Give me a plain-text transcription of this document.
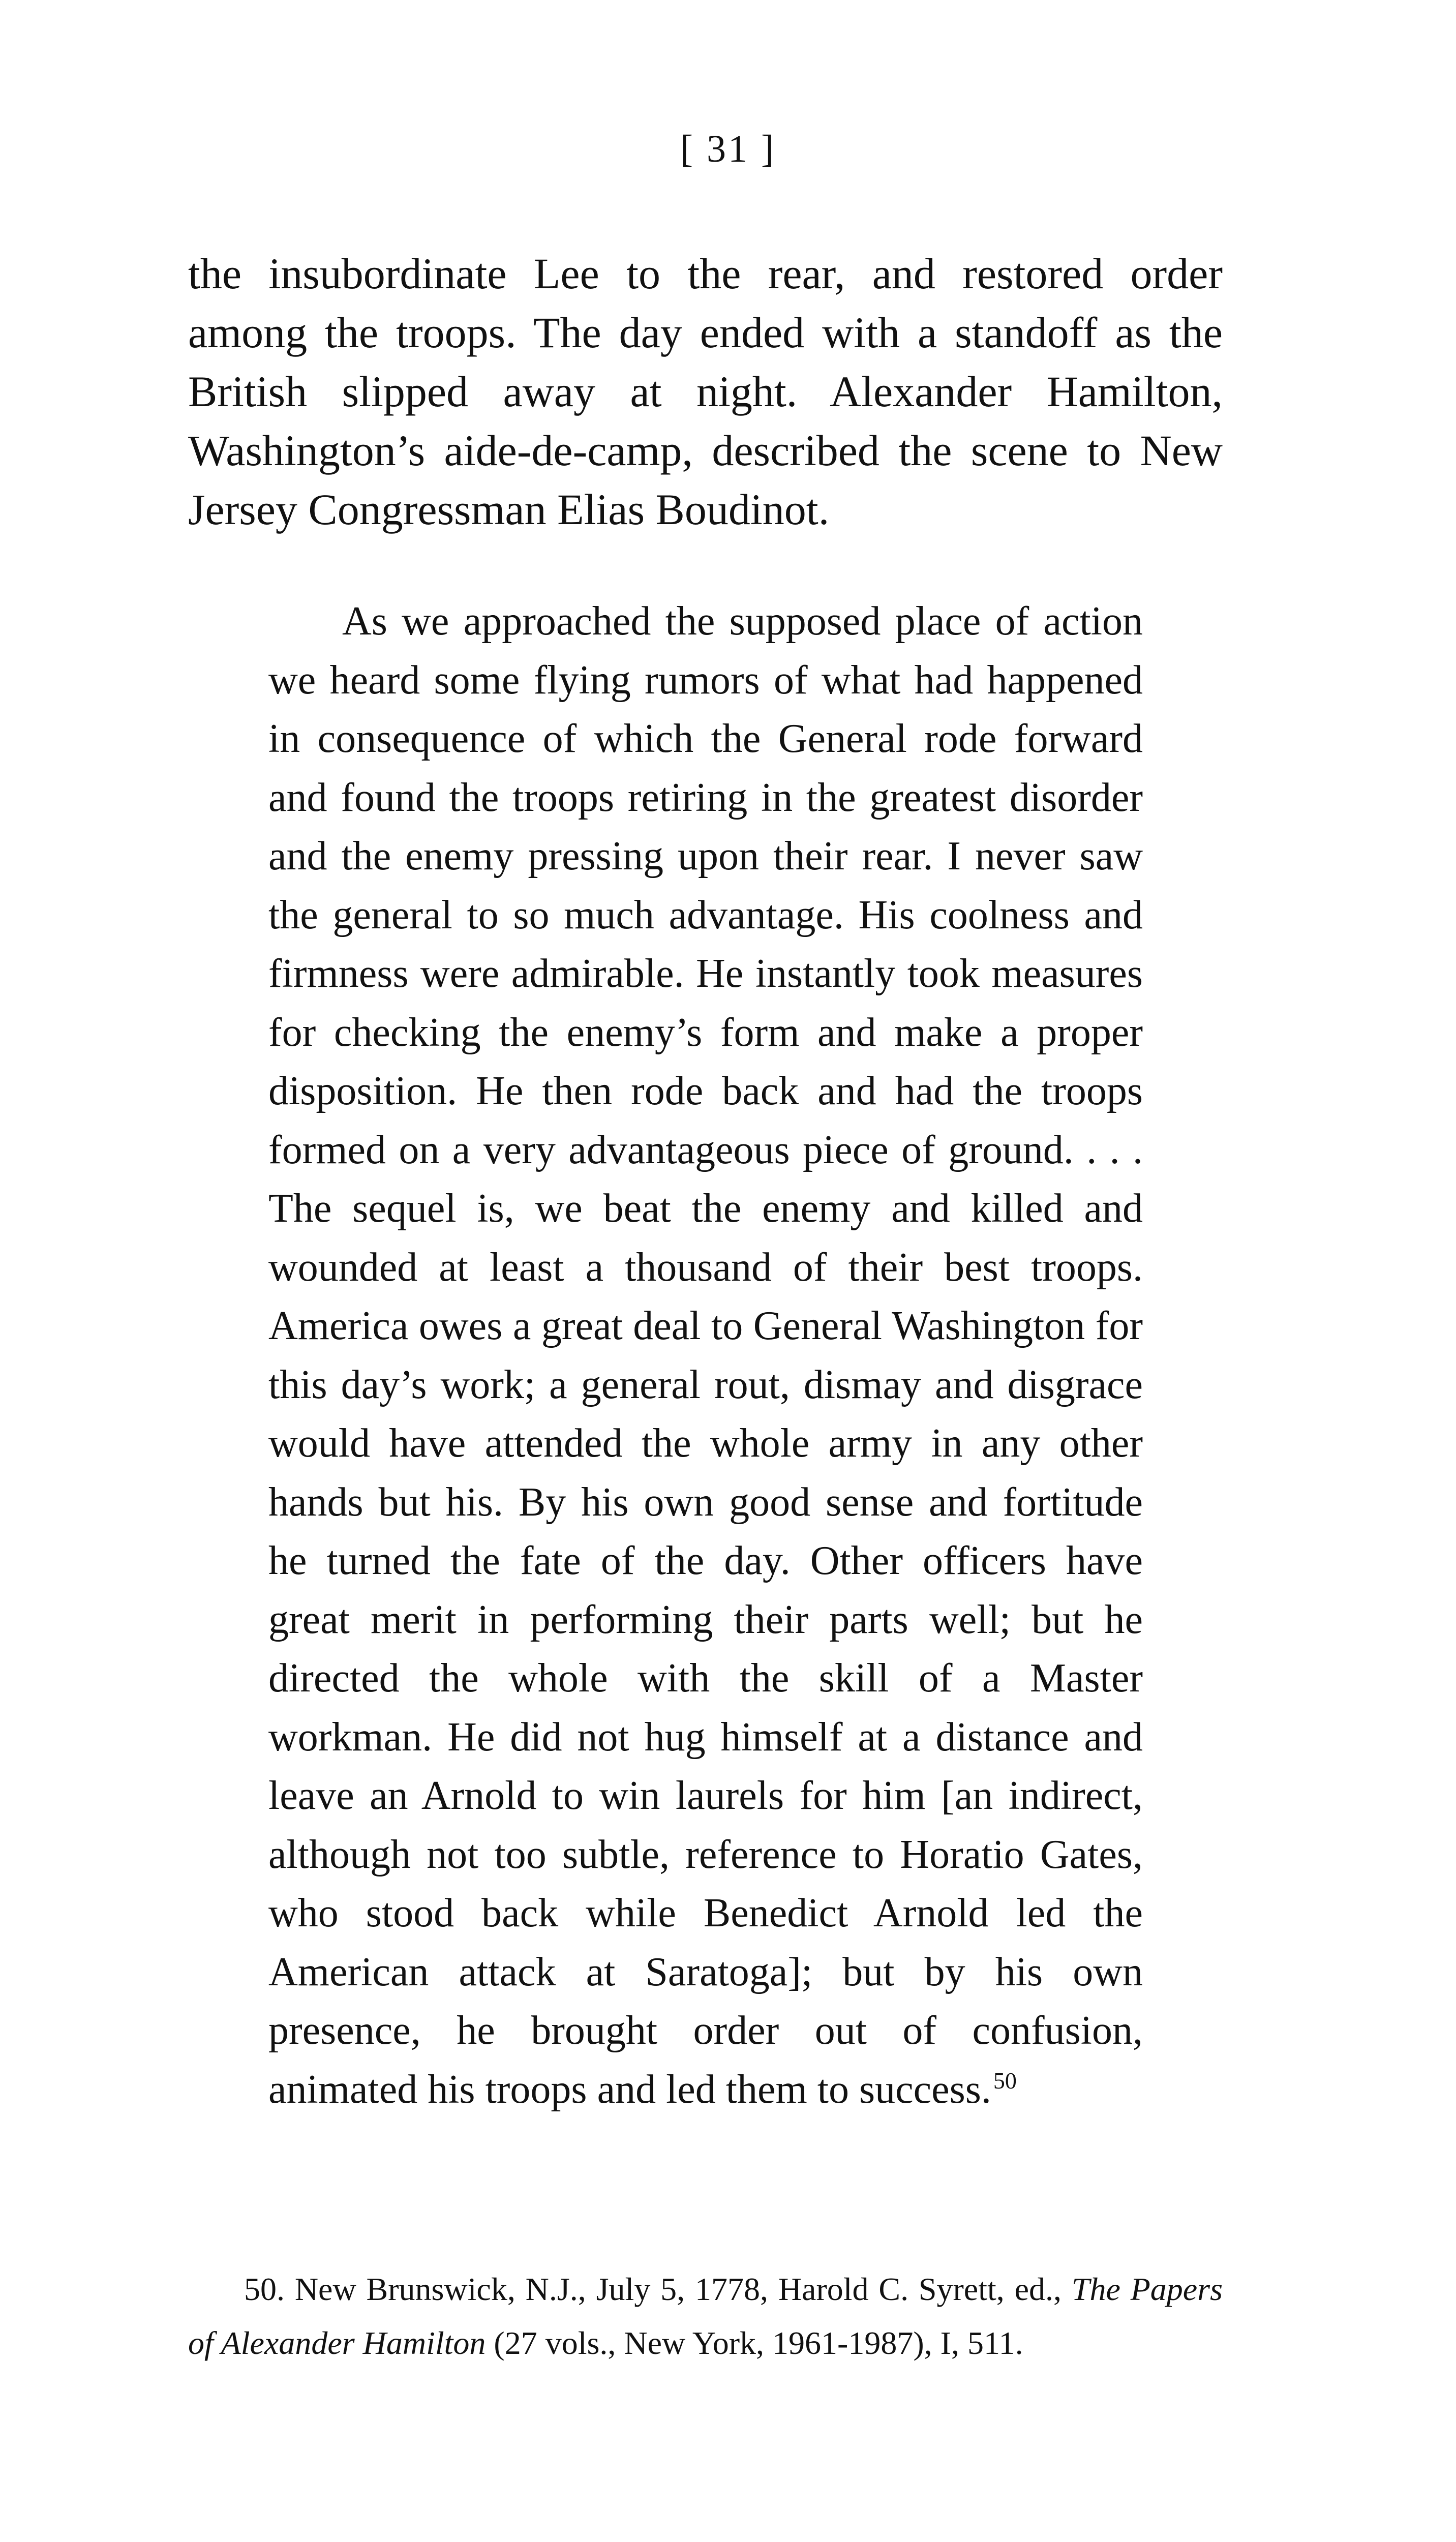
[ 31 ]

the insubordinate Lee to the rear, and restored order among the troops. The day ended with a standoff as the British slipped away at night. Alexander Hamilton, Washington’s aide-de-camp, described the scene to New Jersey Congressman Elias Boudinot.

As we approached the supposed place of action we heard some flying rumors of what had happened in consequence of which the General rode forward and found the troops retiring in the greatest disorder and the enemy pressing upon their rear. I never saw the general to so much advantage. His coolness and firmness were admirable. He instantly took measures for checking the enemy’s form and make a proper disposition. He then rode back and had the troops formed on a very advantageous piece of ground. . . . The sequel is, we beat the enemy and killed and wounded at least a thousand of their best troops. America owes a great deal to General Washington for this day’s work; a general rout, dismay and disgrace would have attended the whole army in any other hands but his. By his own good sense and fortitude he turned the fate of the day. Other officers have great merit in performing their parts well; but he directed the whole with the skill of a Master workman. He did not hug himself at a distance and leave an Arnold to win laurels for him [an indirect, although not too subtle, reference to Horatio Gates, who stood back while Benedict Arnold led the American attack at Saratoga]; but by his own presence, he brought order out of confusion, animated his troops and led them to success.$^{50}$

50. New Brunswick, N.J., July 5, 1778, Harold C. Syrett, ed., The Papers of Alexander Hamilton (27 vols., New York, 1961-1987), I, 511.
